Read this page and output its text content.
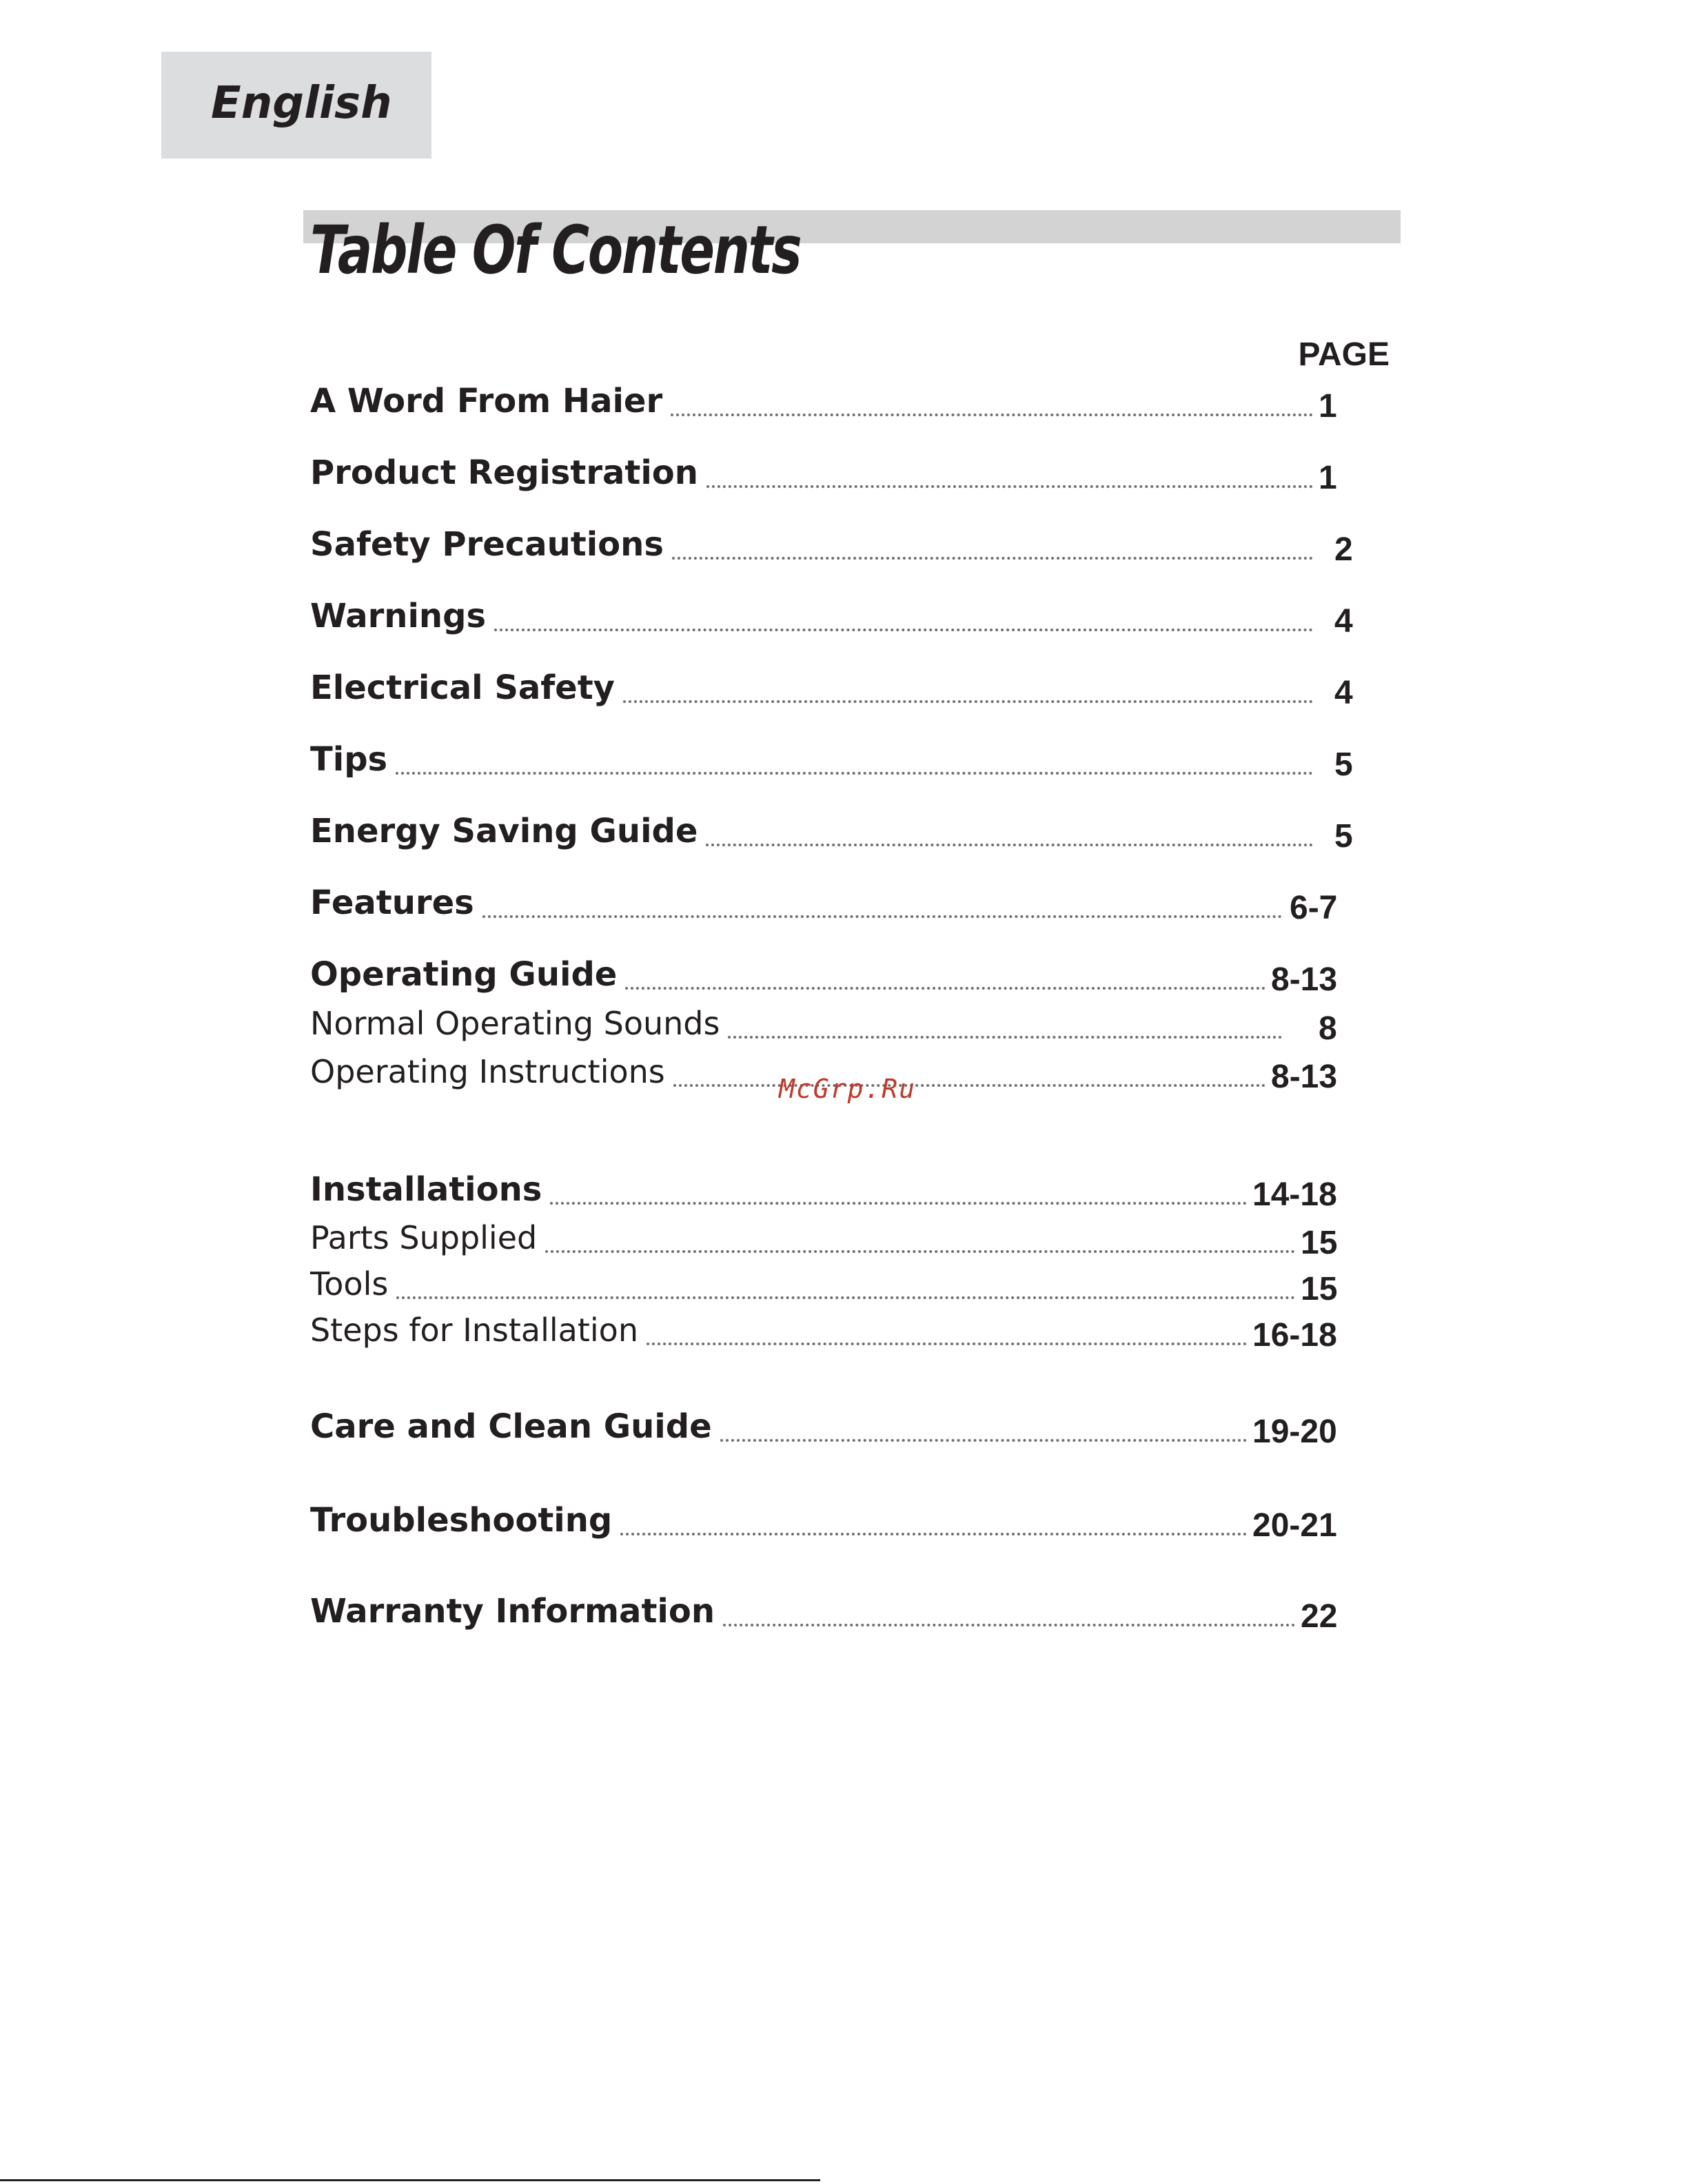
English
Table Of Contents
PAGE
A Word From Haier	1
Product Registration	1
Safety Precautions	2
Warnings	4
Electrical Safety	4
Tips	5
Energy Saving Guide	5
Features	6-7
Operating Guide	8-13
Normal Operating Sounds	8
Operating Instructions	8-13
Installations	14-18
Parts Supplied	15
Tools	15
Steps for Installation	16-18
Care and Clean Guide	19-20
Troubleshooting	20-21
Warranty Information	22
McGrp.Ru
